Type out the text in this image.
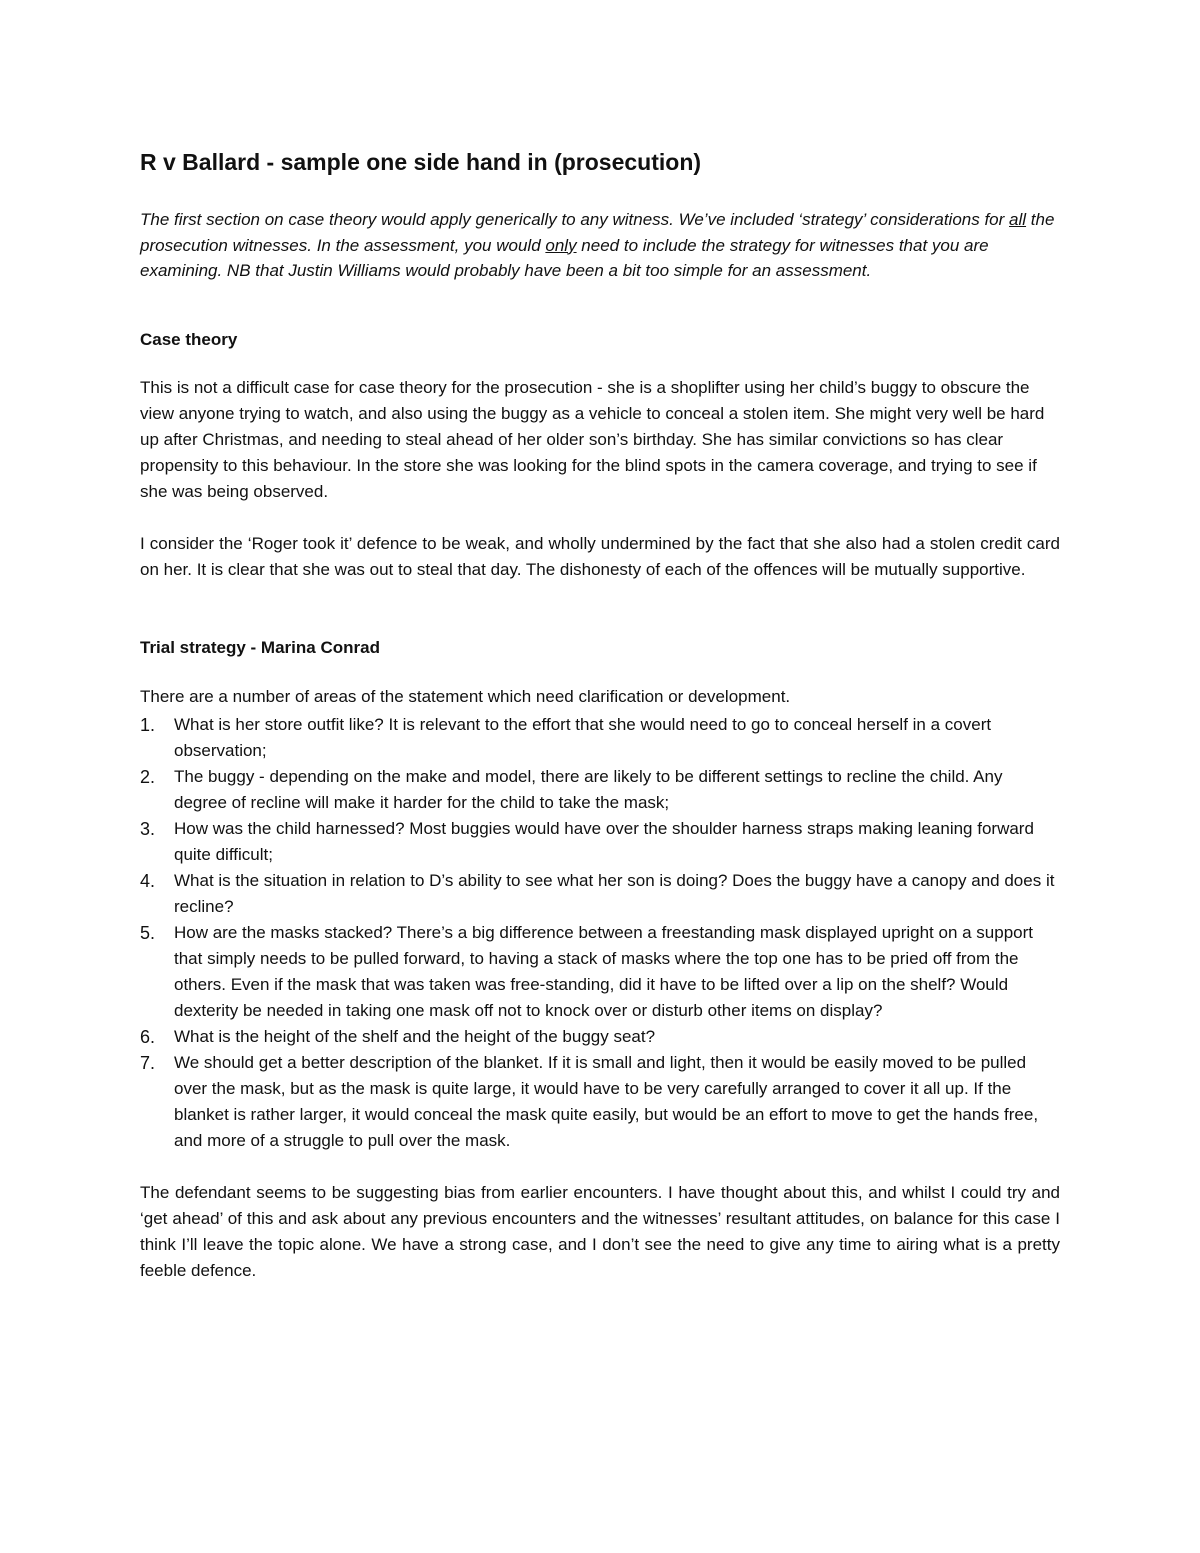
R v Ballard - sample one side hand in (prosecution)

The first section on case theory would apply generically to any witness. We’ve included ‘strategy’ considerations for all the prosecution witnesses. In the assessment, you would only need to include the strategy for witnesses that you are examining. NB that Justin Williams would probably have been a bit too simple for an assessment.

Case theory

This is not a difficult case for case theory for the prosecution - she is a shoplifter using her child’s buggy to obscure the view anyone trying to watch, and also using the buggy as a vehicle to conceal a stolen item. She might very well be hard up after Christmas, and needing to steal ahead of her older son’s birthday. She has similar convictions so has clear propensity to this behaviour. In the store she was looking for the blind spots in the camera coverage, and trying to see if she was being observed.

I consider the ‘Roger took it’ defence to be weak, and wholly undermined by the fact that she also had a stolen credit card on her. It is clear that she was out to steal that day. The dishonesty of each of the offences will be mutually supportive.

Trial strategy - Marina Conrad

There are a number of areas of the statement which need clarification or development.

1.	What is her store outfit like? It is relevant to the effort that she would need to go to conceal herself in a covert observation;
2.	The buggy - depending on the make and model, there are likely to be different settings to recline the child. Any degree of recline will make it harder for the child to take the mask;
3.	How was the child harnessed? Most buggies would have over the shoulder harness straps making leaning forward quite difficult;
4.	What is the situation in relation to D’s ability to see what her son is doing? Does the buggy have a canopy and does it recline?
5.	How are the masks stacked? There’s a big difference between a freestanding mask displayed upright on a support that simply needs to be pulled forward, to having a stack of masks where the top one has to be pried off from the others. Even if the mask that was taken was free-standing, did it have to be lifted over a lip on the shelf? Would dexterity be needed in taking one mask off not to knock over or disturb other items on display?
6.	What is the height of the shelf and the height of the buggy seat?
7.	We should get a better description of the blanket. If it is small and light, then it would be easily moved to be pulled over the mask, but as the mask is quite large, it would have to be very carefully arranged to cover it all up. If the blanket is rather larger, it would conceal the mask quite easily, but would be an effort to move to get the hands free, and more of a struggle to pull over the mask.

The defendant seems to be suggesting bias from earlier encounters. I have thought about this, and whilst I could try and ‘get ahead’ of this and ask about any previous encounters and the witnesses’ resultant attitudes, on balance for this case I think I’ll leave the topic alone. We have a strong case, and I don’t see the need to give any time to airing what is a pretty feeble defence.
